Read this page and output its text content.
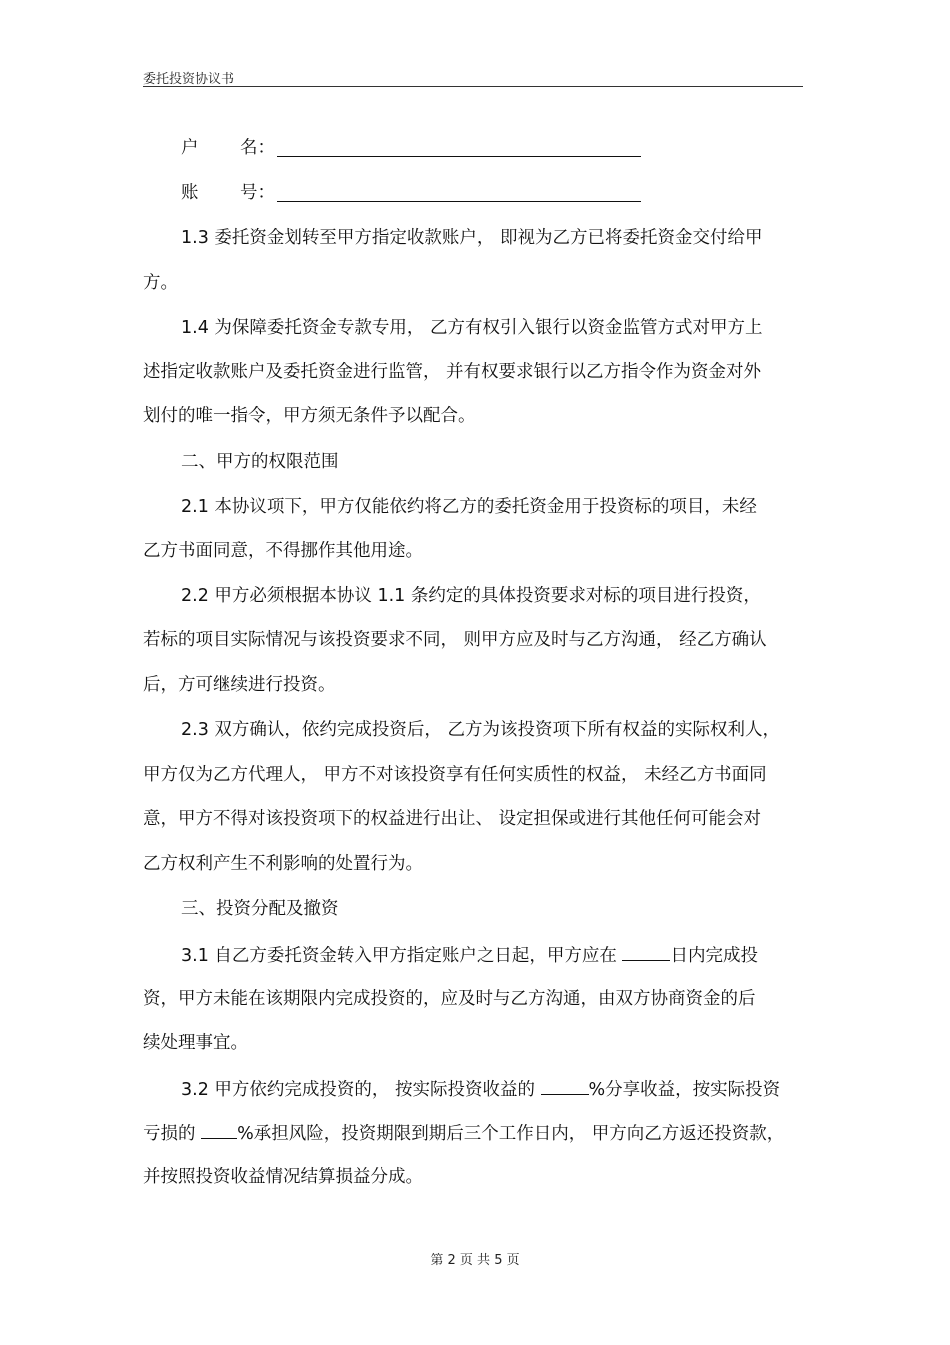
委托投资协议书
户 名：
账 号：
1.3 委托资金划转至甲方指定收款账户， 即视为乙方已将委托资金交付给甲
方。
1.4 为保障委托资金专款专用， 乙方有权引入银行以资金监管方式对甲方上
述指定收款账户及委托资金进行监管， 并有权要求银行以乙方指令作为资金对外
划付的唯一指令，甲方须无条件予以配合。
二、甲方的权限范围
2.1 本协议项下，甲方仅能依约将乙方的委托资金用于投资标的项目，未经
乙方书面同意，不得挪作其他用途。
2.2 甲方必须根据本协议 1.1 条约定的具体投资要求对标的项目进行投资，
若标的项目实际情况与该投资要求不同， 则甲方应及时与乙方沟通， 经乙方确认
后，方可继续进行投资。
2.3 双方确认，依约完成投资后， 乙方为该投资项下所有权益的实际权利人，
甲方仅为乙方代理人， 甲方不对该投资享有任何实质性的权益， 未经乙方书面同
意，甲方不得对该投资项下的权益进行出让、 设定担保或进行其他任何可能会对
乙方权利产生不利影响的处置行为。
三、投资分配及撤资
3.1 自乙方委托资金转入甲方指定账户之日起，甲方应在	日内完成投
资，甲方未能在该期限内完成投资的，应及时与乙方沟通，由双方协商资金的后
续处理事宜。
3.2 甲方依约完成投资的， 按实际投资收益的	%分享收益，按实际投资
亏损的 %承担风险，投资期限到期后三个工作日内， 甲方向乙方返还投资款，
并按照投资收益情况结算损益分成。
第 2 页 共 5 页
